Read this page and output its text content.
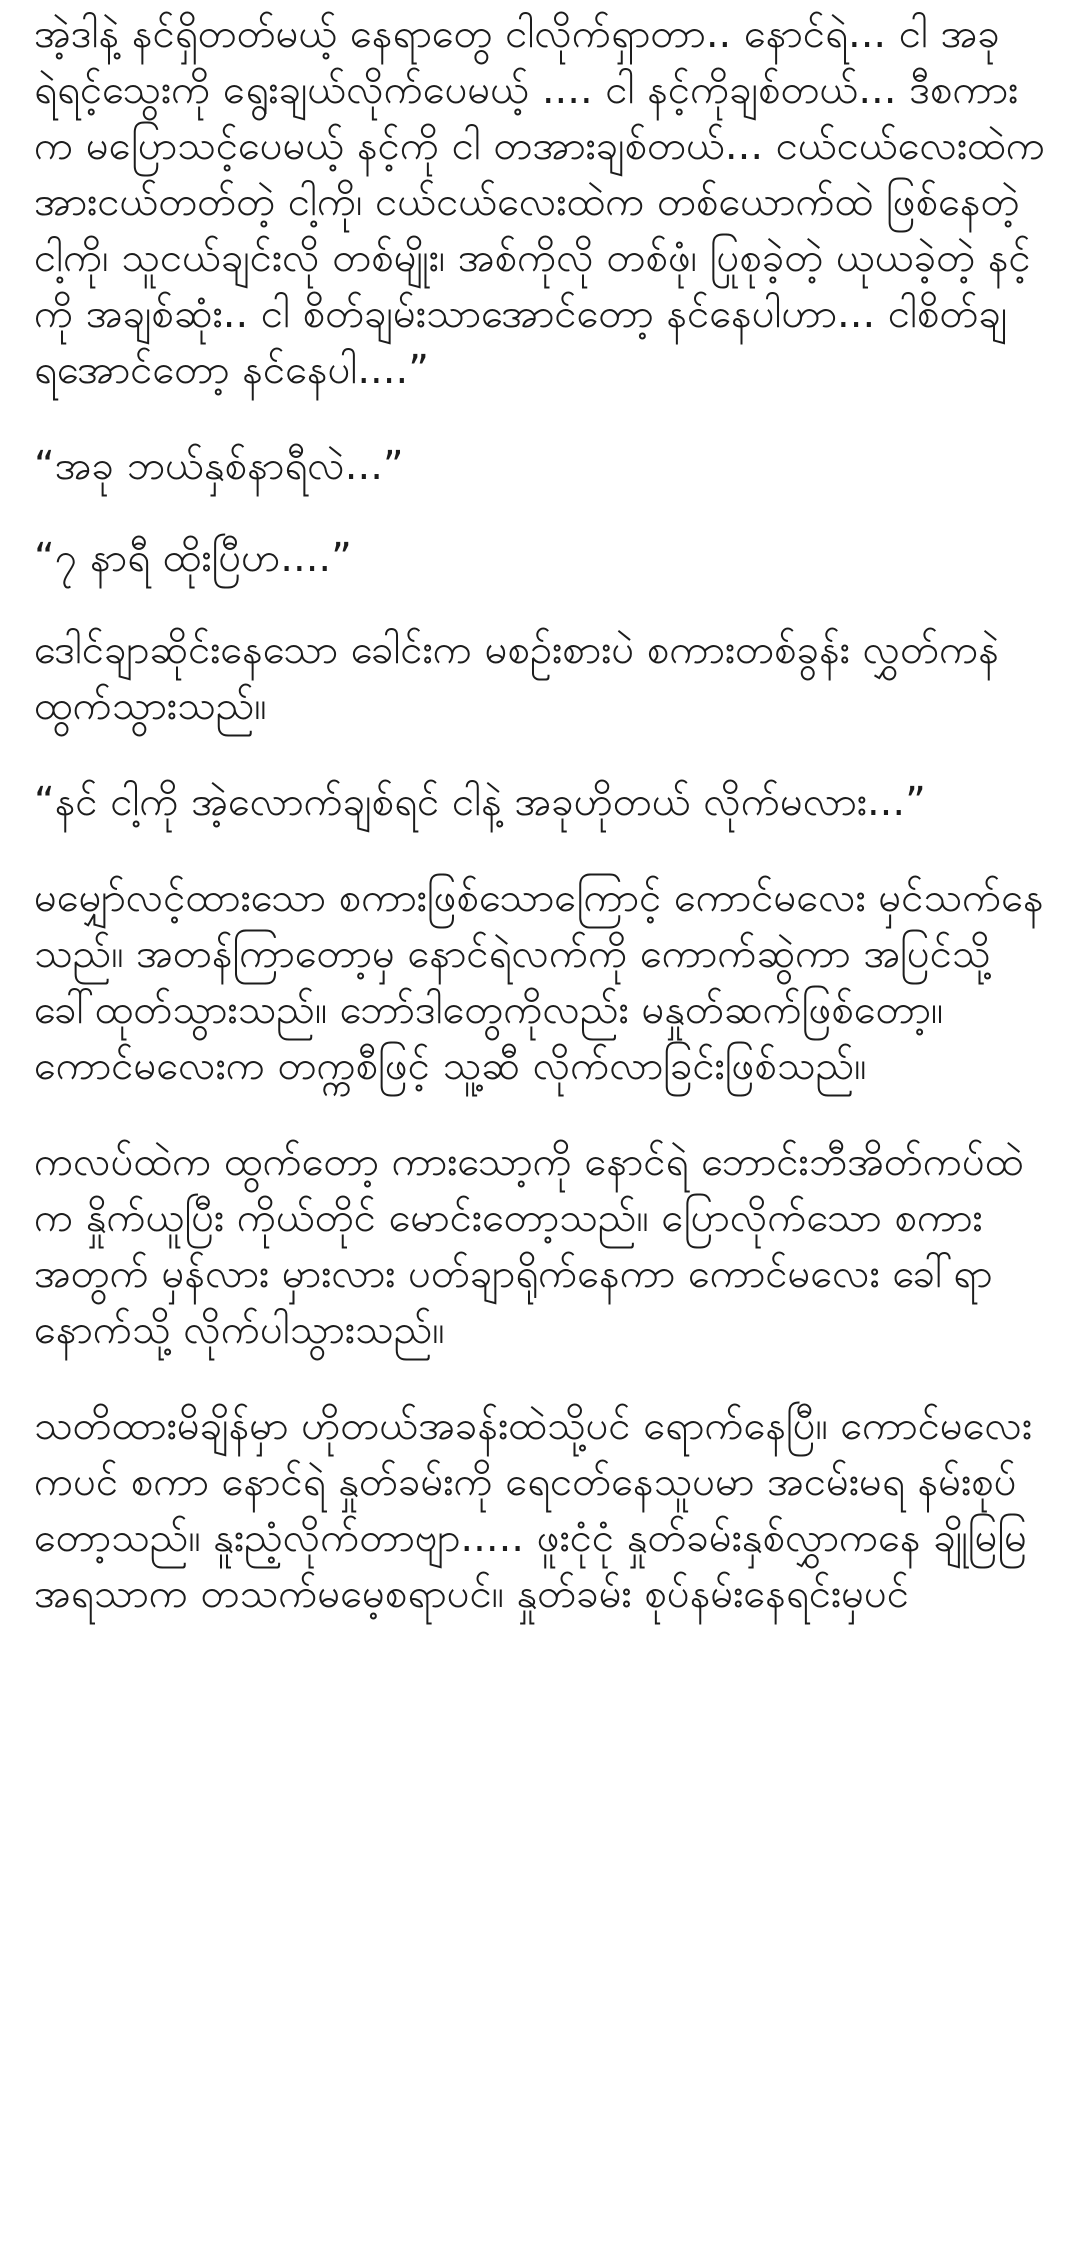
အဲ့ဒါနဲ့ နင်ရှိတတ်မယ့် နေရာတွေ ငါလိုက်ရှာတာ.. နောင်ရဲ... ငါ အခု ရဲရင့်သွေးကို ရွေးချယ်လိုက်ပေမယ့် .... ငါ နင့်ကိုချစ်တယ်... ဒီစကားက မပြောသင့်ပေမယ့် နင့်ကို ငါ တအားချစ်တယ်... ငယ်ငယ်လေးထဲက အားငယ်တတ်တဲ့ ငါ့ကို၊ ငယ်ငယ်လေးထဲက တစ်ယောက်ထဲ ဖြစ်နေတဲ့ ငါ့ကို၊ သူငယ်ချင်းလို တစ်မျိုး၊ အစ်ကိုလို တစ်ဖုံ၊ ပြုစုခဲ့တဲ့ ယုယခဲ့တဲ့ နင့်ကို အချစ်ဆုံး.. ငါ စိတ်ချမ်းသာအောင်တော့ နင်နေပါဟာ... ငါစိတ်ချရအောင်တော့ နင်နေပါ....”

“အခု ဘယ်နှစ်နာရီလဲ...”

“၇ နာရီ ထိုးပြီဟ....”

ဒေါင်ချာဆိုင်းနေသော ခေါင်းက မစဥ်းစားပဲ စကားတစ်ခွန်း လွှတ်ကနဲ ထွက်သွားသည်။

“နင် ငါ့ကို အဲ့လောက်ချစ်ရင် ငါနဲ့ အခုဟိုတယ် လိုက်မလား...”

မမျှော်လင့်ထားသော စကားဖြစ်သောကြောင့် ကောင်မလေး မှင်သက်နေသည်။ အတန်ကြာတော့မှ နောင်ရဲလက်ကို ကောက်ဆွဲကာ အပြင်သို့ ခေါ်ထုတ်သွားသည်။ ဘော်ဒါတွေကိုလည်း မနှုတ်ဆက်ဖြစ်တော့။ ကောင်မလေးက တက္ကစီဖြင့် သူ့ဆီ လိုက်လာခြင်းဖြစ်သည်။

ကလပ်ထဲက ထွက်တော့ ကားသော့ကို နောင်ရဲ ဘောင်းဘီအိတ်ကပ်ထဲက နှိုက်ယူပြီး ကိုယ်တိုင် မောင်းတော့သည်။ ပြောလိုက်သော စကားအတွက် မှန်လား မှားလား ပတ်ချာရိုက်နေကာ ကောင်မလေး ခေါ်ရာနောက်သို့ လိုက်ပါသွားသည်။

သတိထားမိချိန်မှာ ဟိုတယ်အခန်းထဲသို့ပင် ရောက်နေပြီ။ ကောင်မလေးကပင် စကာ နောင်ရဲ နှုတ်ခမ်းကို ရေငတ်နေသူပမာ အငမ်းမရ နမ်းစုပ် တော့သည်။ နူးညံ့လိုက်တာဗျာ..... ဖူးငုံငုံ နှုတ်ခမ်းနှစ်လွှာကနေ ချိုမြမြ အရသာက တသက်မမေ့စရာပင်။ နှုတ်ခမ်း စုပ်နမ်းနေရင်းမှပင်
